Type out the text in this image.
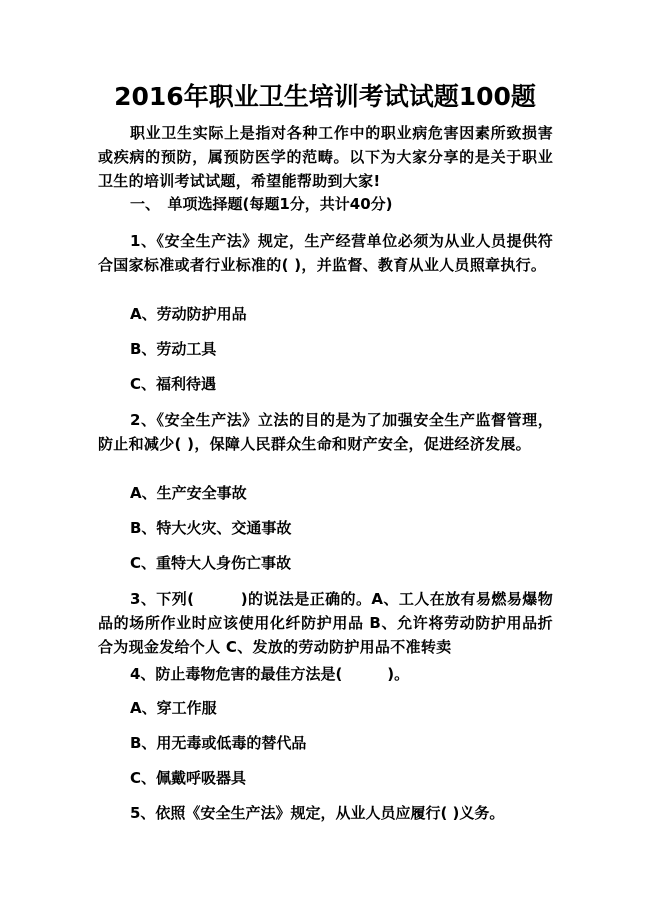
2016年职业卫生培训考试试题100题
职业卫生实际上是指对各种工作中的职业病危害因素所致损害或疾病的预防，属预防医学的范畴。以下为大家分享的是关于职业卫生的培训考试试题，希望能帮助到大家!
一、　单项选择题(每题1分，共计40分)
1、《安全生产法》规定，生产经营单位必须为从业人员提供符合国家标准或者行业标准的( )，并监督、教育从业人员照章执行。
A、劳动防护用品
B、劳动工具
C、福利待遇
2、《安全生产法》立法的目的是为了加强安全生产监督管理，防止和减少( )，保障人民群众生命和财产安全，促进经济发展。
A、生产安全事故
B、特大火灾、交通事故
C、重特大人身伤亡事故
3、下列(　　　)的说法是正确的。A、工人在放有易燃易爆物品的场所作业时应该使用化纤防护用品 B、允许将劳动防护用品折合为现金发给个人 C、发放的劳动防护用品不准转卖
4、防止毒物危害的最佳方法是(　　　)。
A、穿工作服
B、用无毒或低毒的替代品
C、佩戴呼吸器具
5、依照《安全生产法》规定，从业人员应履行( )义务。
